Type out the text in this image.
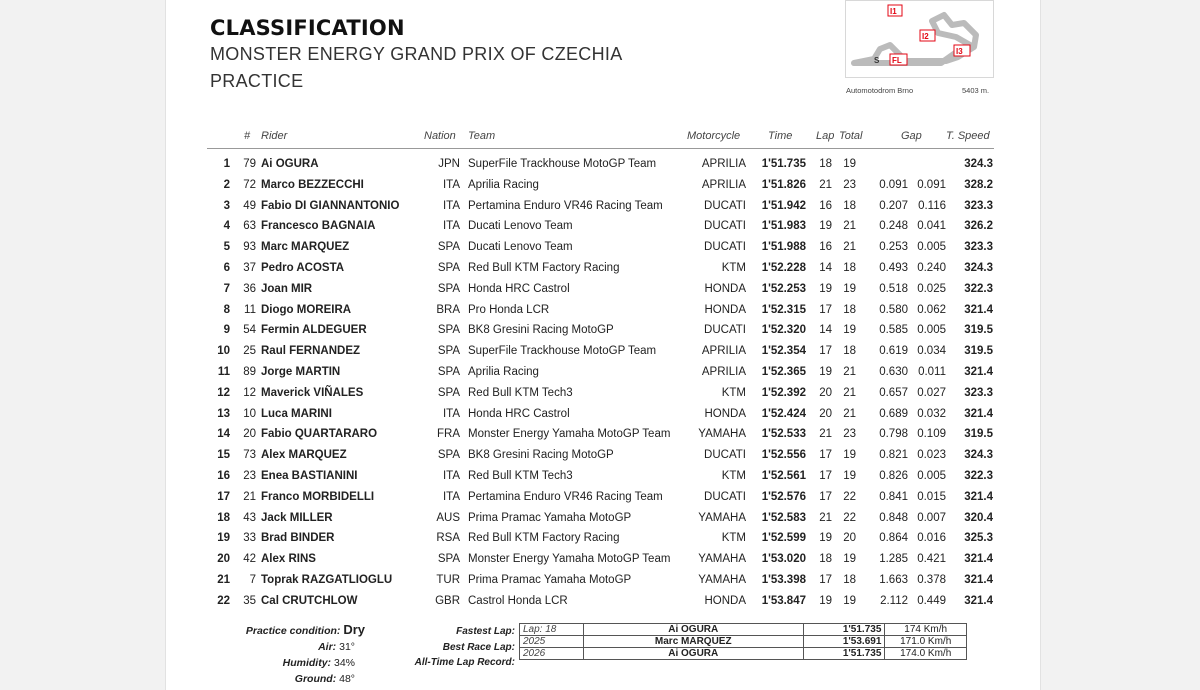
CLASSIFICATION
MONSTER ENERGY GRAND PRIX OF CZECHIA
PRACTICE
I1
I2
I3
S FL
Automotodrom Brno	5403 m.
# Rider	Nation Team	Motorcycle	Time Lap Total	Gap T. Speed
1	79 Ai OGURA	JPN SuperFile Trackhouse MotoGP Team	APRILIA	1'51.735	18 19	324.3
2	72 Marco BEZZECCHI	ITA Aprilia Racing	APRILIA	1'51.826	21 23	0.091 0.091	328.2
3	49 Fabio DI GIANNANTONIO	ITA Pertamina Enduro VR46 Racing Team	DUCATI	1'51.942	16 18	0.207 0.116	323.3
4	63 Francesco BAGNAIA	ITA Ducati Lenovo Team	DUCATI	1'51.983	19 21	0.248 0.041	326.2
5	93 Marc MARQUEZ	SPA Ducati Lenovo Team	DUCATI	1'51.988	16 21	0.253 0.005	323.3
6	37 Pedro ACOSTA	SPA Red Bull KTM Factory Racing	KTM	1'52.228	14 18	0.493 0.240	324.3
7	36 Joan MIR	SPA Honda HRC Castrol	HONDA	1'52.253	19 19	0.518 0.025	322.3
8	11 Diogo MOREIRA	BRA Pro Honda LCR	HONDA	1'52.315	17 18	0.580 0.062	321.4
9	54 Fermin ALDEGUER	SPA BK8 Gresini Racing MotoGP	DUCATI	1'52.320	14 19	0.585 0.005	319.5
10	25 Raul FERNANDEZ	SPA SuperFile Trackhouse MotoGP Team	APRILIA	1'52.354	17 18	0.619 0.034	319.5
11	89 Jorge MARTIN	SPA Aprilia Racing	APRILIA	1'52.365	19 21	0.630 0.011	321.4
12	12 Maverick VIÑALES	SPA Red Bull KTM Tech3	KTM	1'52.392	20 21	0.657 0.027	323.3
13	10 Luca MARINI	ITA Honda HRC Castrol	HONDA	1'52.424	20 21	0.689 0.032	321.4
14	20 Fabio QUARTARARO	FRA Monster Energy Yamaha MotoGP Team	YAMAHA	1'52.533	21 23	0.798 0.109	319.5
15	73 Alex MARQUEZ	SPA BK8 Gresini Racing MotoGP	DUCATI	1'52.556	17 19	0.821 0.023	324.3
16	23 Enea BASTIANINI	ITA Red Bull KTM Tech3	KTM	1'52.561	17 19	0.826 0.005	322.3
17	21 Franco MORBIDELLI	ITA Pertamina Enduro VR46 Racing Team	DUCATI	1'52.576	17 22	0.841 0.015	321.4
18	43 Jack MILLER	AUS Prima Pramac Yamaha MotoGP	YAMAHA	1'52.583	21 22	0.848 0.007	320.4
19	33 Brad BINDER	RSA Red Bull KTM Factory Racing	KTM	1'52.599	19 20	0.864 0.016	325.3
20	42 Alex RINS	SPA Monster Energy Yamaha MotoGP Team	YAMAHA	1'53.020	18 19	1.285 0.421	321.4
21	7 Toprak RAZGATLIOGLU	TUR Prima Pramac Yamaha MotoGP	YAMAHA	1'53.398	17 18	1.663 0.378	321.4
22	35 Cal CRUTCHLOW	GBR Castrol Honda LCR	HONDA	1'53.847	19 19	2.112 0.449	321.4
Practice condition: Dry
Air: 31°
Humidity: 34%
Ground: 48°
Fastest Lap:
Best Race Lap:
All-Time Lap Record:
Lap: 18	Ai OGURA	1'51.735	174 Km/h
2025	Marc MARQUEZ	1'53.691	171.0 Km/h
2026	Ai OGURA	1'51.735	174.0 Km/h
